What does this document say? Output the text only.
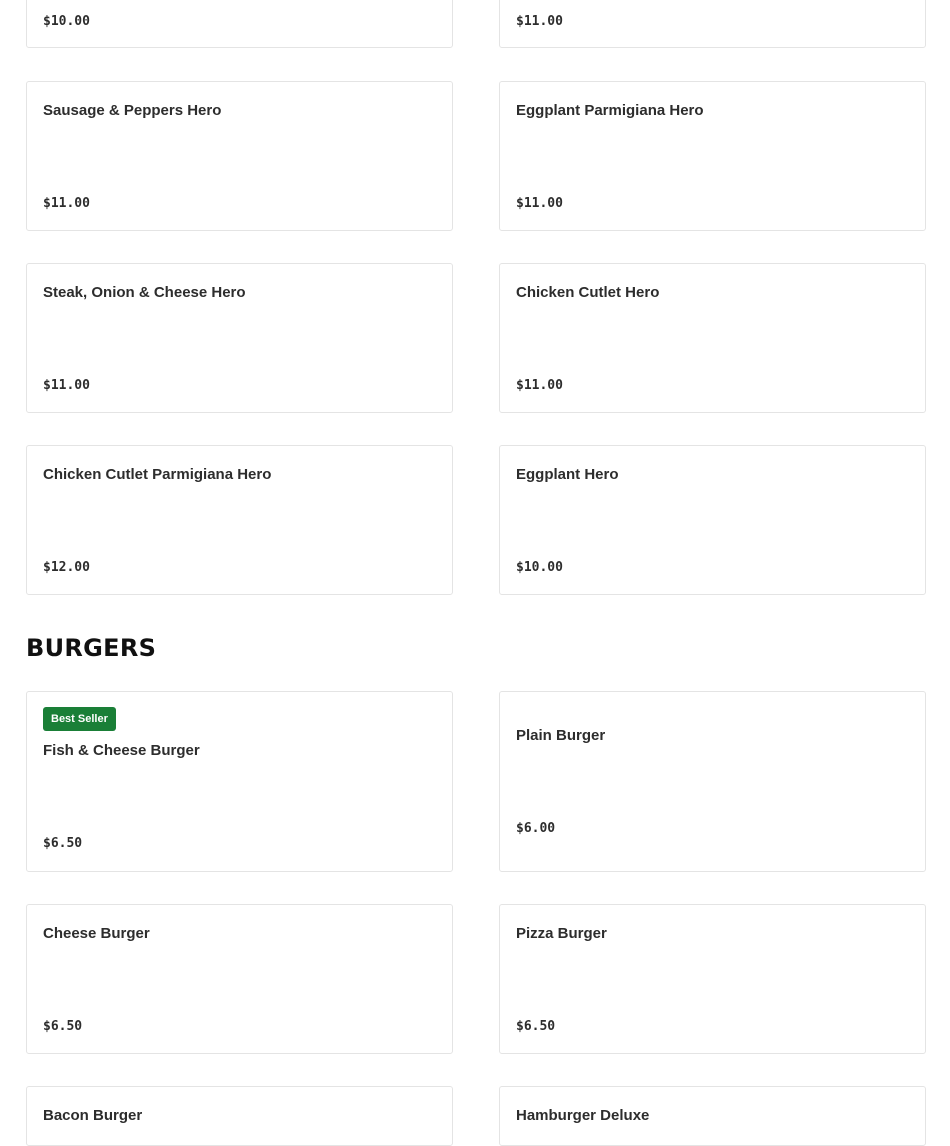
$10.00	$11.00
Sausage & Peppers Hero
$11.00
Eggplant Parmigiana Hero
$11.00
Steak, Onion & Cheese Hero
$11.00
Chicken Cutlet Hero
$11.00
Chicken Cutlet Parmigiana Hero
$12.00
Eggplant Hero
$10.00
BURGERS
Best Seller
Fish & Cheese Burger
$6.50
Plain Burger
$6.00
Cheese Burger
$6.50
Pizza Burger
$6.50
Bacon Burger	Hamburger Deluxe
